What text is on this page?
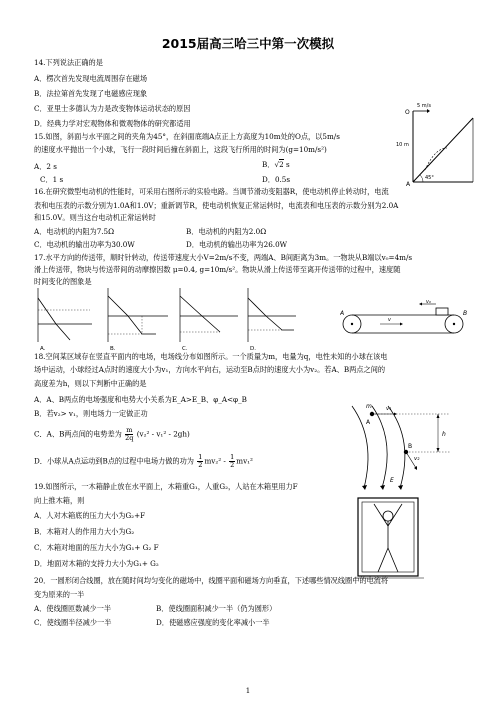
2015届高三哈三中第一次模拟
14.下列说法正确的是
A．楞次首先发现电流周围存在磁场
B．法拉第首先发现了电磁感应现象
C．亚里士多德认为力是改变物体运动状态的原因
D．经典力学对宏观物体和微观物体的研究都适用
15.如图，斜面与水平面之间的夹角为45°，在斜面底端A点正上方高度为10m处的O点，以5m/s
的速度水平抛出一个小球，飞行一段时间后撞在斜面上，这段飞行所用的时间为(g=10m/s²)
A．2 s	B．√2 s
C．1 s	D．0.5s
5 m/s
O
10 m
A
45°
16.在研究微型电动机的性能时，可采用右图所示的实验电路。当调节滑动变阻器R，使电动机停止转动时，电流
表和电压表的示数分别为1.0A和1.0V；重新调节R，使电动机恢复正常运转时，电流表和电压表的示数分别为2.0A
和15.0V。则当这台电动机正常运转时
A．电动机的内阻为7.5Ω	B．电动机的内阻为2.0Ω
C．电动机的输出功率为30.0W	D．电动机的输出功率为26.0W
17.水平方向的传送带，顺时针转动，传送带速度大小V=2m/s不变，两端A、B间距离为3m。一物块从B端以v₀=4m/s
滑上传送带，物块与传送带间的动摩擦因数 μ=0.4, g=10m/s²。物块从滑上传送带至离开传送带的过程中，速度随
时间变化的图象是
A.	B.	C.	D.
v₀
A	B
v
18.空间某区域存在竖直平面内的电场，电场线分布如图所示。一个质量为m，电量为q，电性未知的小球在该电
场中运动，小球经过A点时的速度大小为v₁，方向水平向右，运动至B点时的速度大小为v₂。若A、B两点之间的
高度差为h，则以下判断中正确的是
A．A、B两点的电场强度和电势大小关系为E_A>E_B、φ_A<φ_B
B．若v₂> v₁，则电场力一定做正功
C．A、B两点间的电势差为 $\frac{m}{2q} (v_2^2 - v_1^2 - 2gh)$
D．小球从A点运动到B点的过程中电场力做的功为 $\frac{1}{2} mv_2^2 - \frac{1}{2} mv_1^2$
m	v₁
A
h
v₂
B
E
19.如图所示，一木箱静止放在水平面上，木箱重G₁，人重G₂，人站在木箱里用力F
向上推木箱，则
A．人对木箱底的压力大小为G₂+F
B．木箱对人的作用力大小为G₂
C．木箱对地面的压力大小为G₁+ G₂ F
D．地面对木箱的支持力大小为G₁+ G₂
20．一圆形闭合线圈，放在随时间均匀变化的磁场中，线圈平面和磁场方向垂直，下述哪些情况线圈中的电流将
变为原来的一半
A．使线圈匝数减少一半	B．使线圈面积减少一半（仍为圆形）
C．使线圈半径减少一半	D．使磁感应强度的变化率减小一半
1
